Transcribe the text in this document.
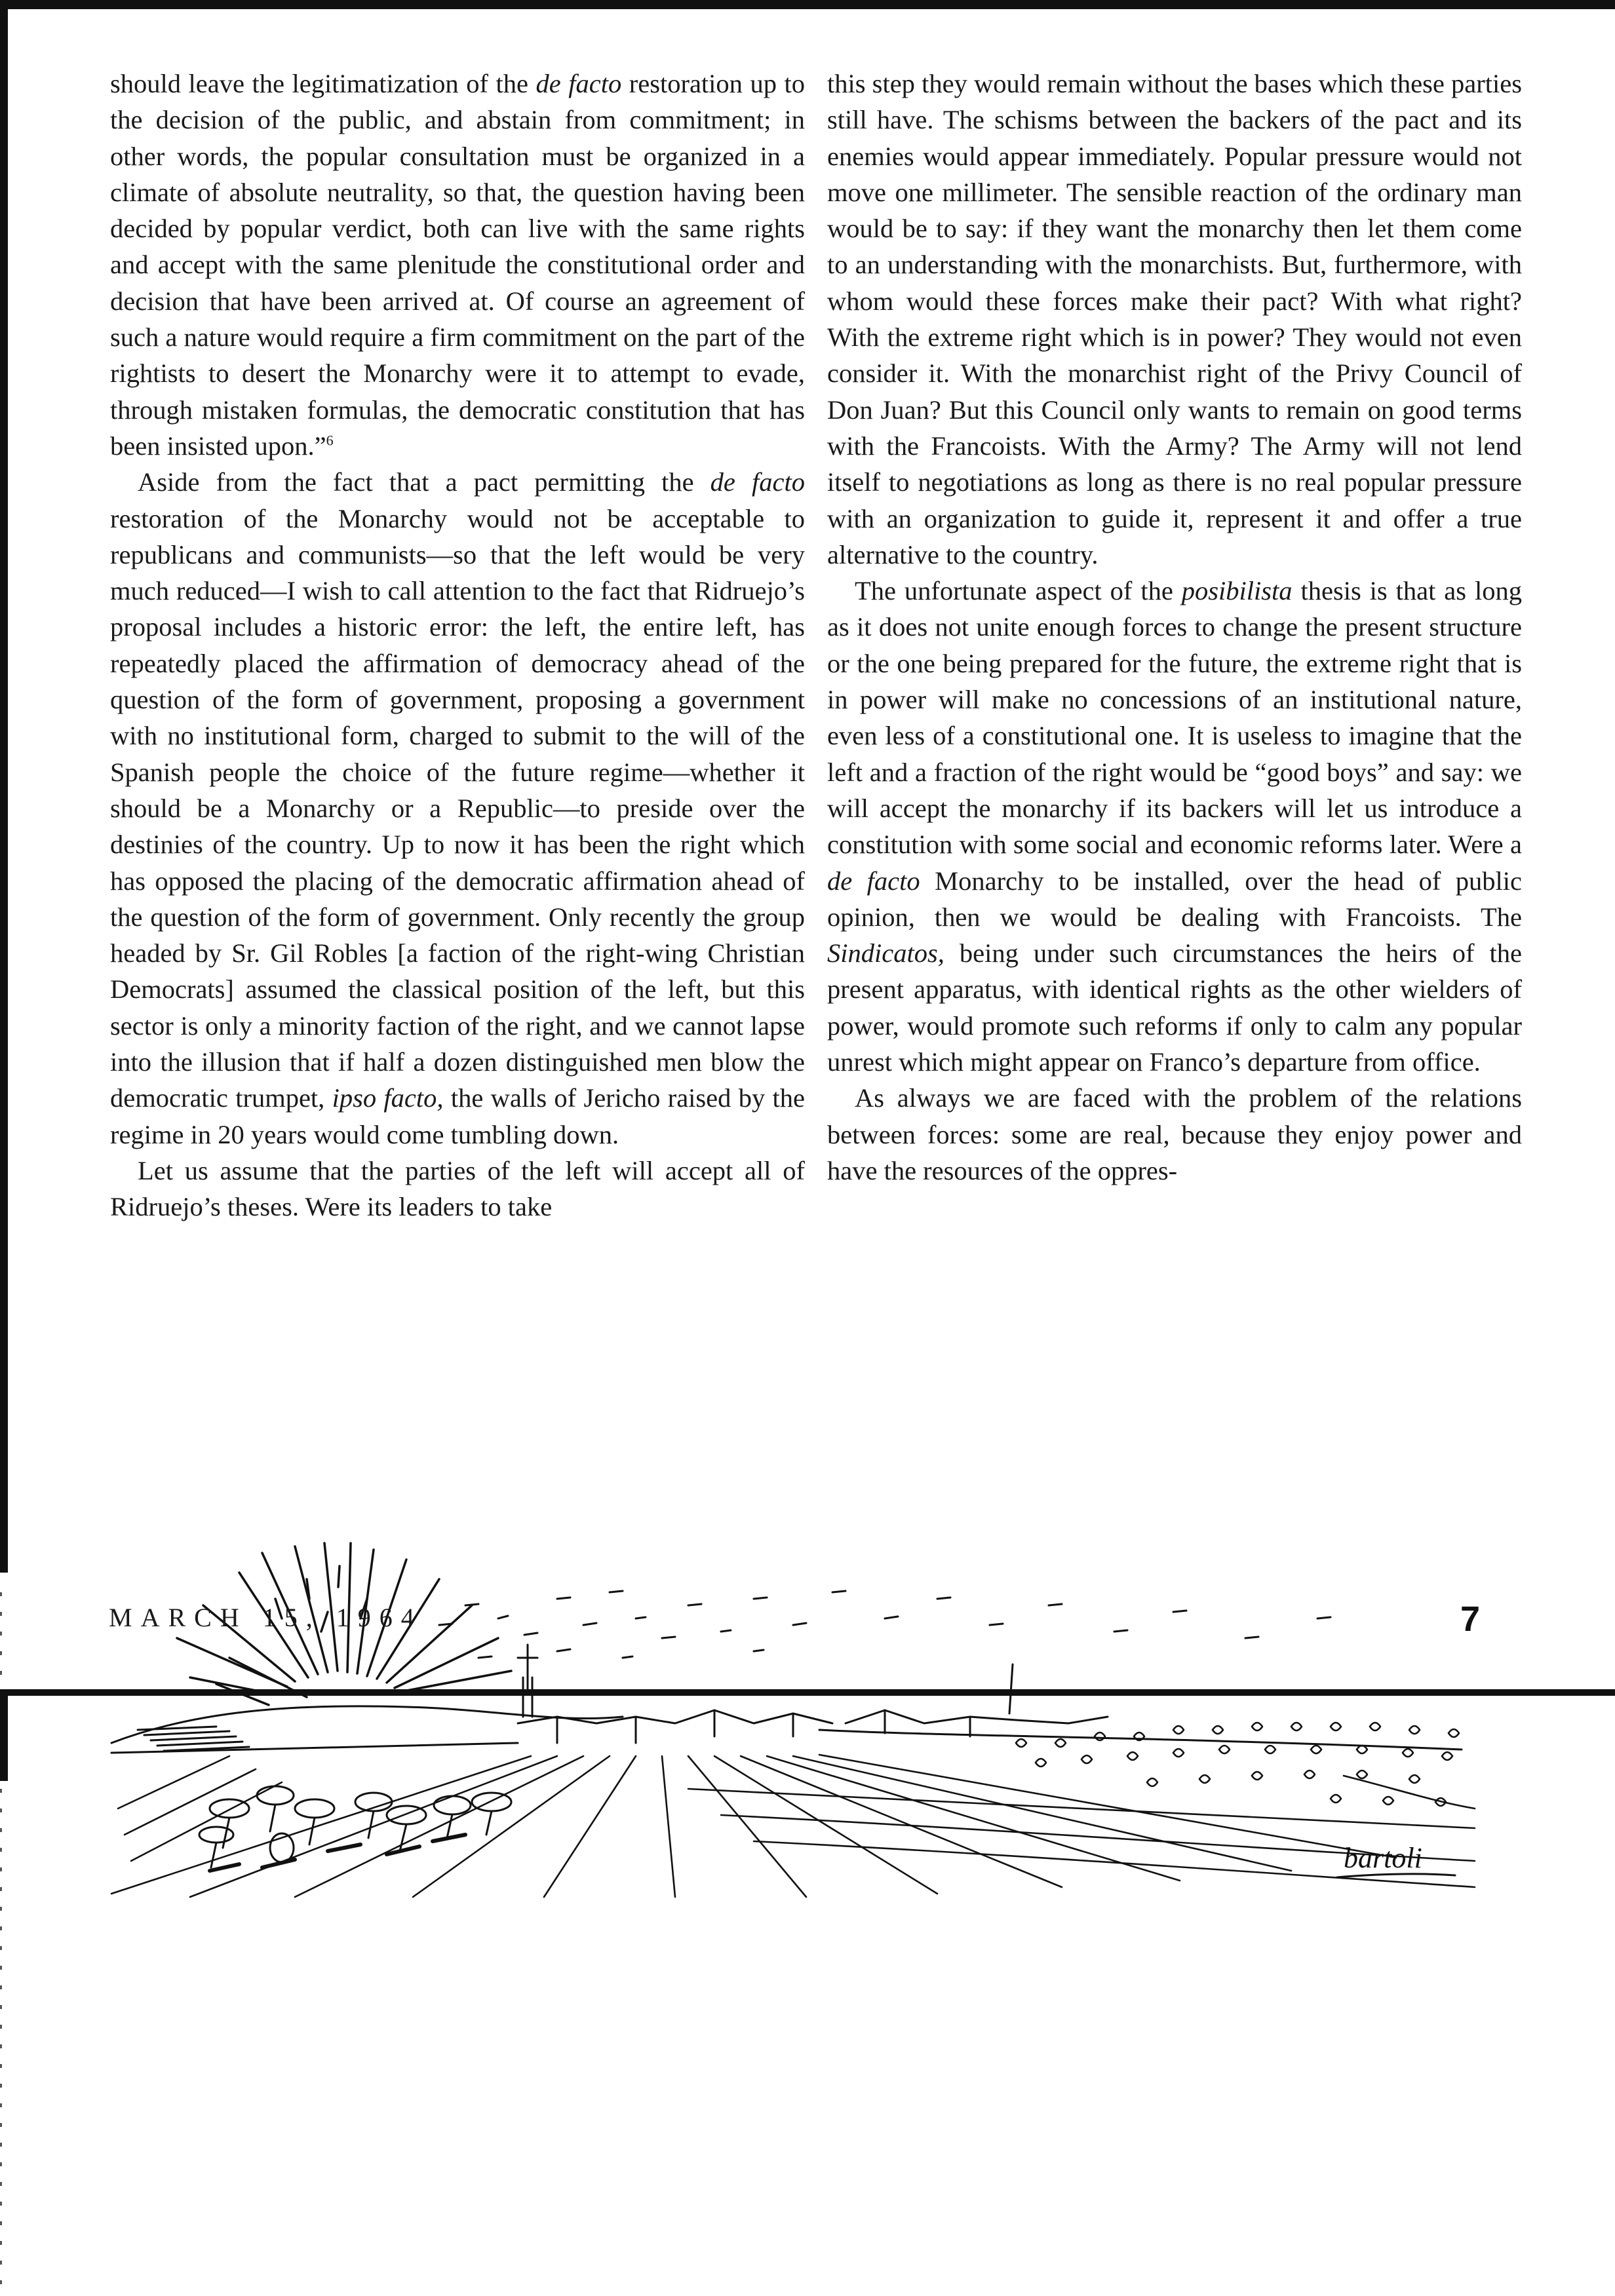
should leave the legitimatization of the de facto restoration up to the decision of the public, and abstain from commitment; in other words, the popular consultation must be organized in a climate of absolute neutrality, so that, the question having been decided by popular verdict, both can live with the same rights and accept with the same plenitude the constitutional order and decision that have been arrived at. Of course an agreement of such a nature would require a firm commitment on the part of the rightists to desert the Monarchy were it to attempt to evade, through mistaken formulas, the democratic constitution that has been insisted upon.”$^6$

Aside from the fact that a pact permitting the de facto restoration of the Monarchy would not be acceptable to republicans and communists—so that the left would be very much reduced—I wish to call attention to the fact that Ridruejo’s proposal includes a historic error: the left, the entire left, has repeatedly placed the affirmation of democracy ahead of the question of the form of government, proposing a government with no institutional form, charged to submit to the will of the Spanish people the choice of the future regime—whether it should be a Monarchy or a Republic—to preside over the destinies of the country. Up to now it has been the right which has opposed the placing of the democratic affirmation ahead of the question of the form of government. Only recently the group headed by Sr. Gil Robles [a faction of the right-wing Christian Democrats] assumed the classical position of the left, but this sector is only a minority faction of the right, and we cannot lapse into the illusion that if half a dozen distinguished men blow the democratic trumpet, ipso facto, the walls of Jericho raised by the regime in 20 years would come tumbling down.

Let us assume that the parties of the left will accept all of Ridruejo’s theses. Were its leaders to take

this step they would remain without the bases which these parties still have. The schisms between the backers of the pact and its enemies would appear immediately. Popular pressure would not move one millimeter. The sensible reaction of the ordinary man would be to say: if they want the monarchy then let them come to an understanding with the monarchists. But, furthermore, with whom would these forces make their pact? With what right? With the extreme right which is in power? They would not even consider it. With the monarchist right of the Privy Council of Don Juan? But this Council only wants to remain on good terms with the Francoists. With the Army? The Army will not lend itself to negotiations as long as there is no real popular pressure with an organization to guide it, represent it and offer a true alternative to the country.

The unfortunate aspect of the posibilista thesis is that as long as it does not unite enough forces to change the present structure or the one being prepared for the future, the extreme right that is in power will make no concessions of an institutional nature, even less of a constitutional one. It is useless to imagine that the left and a fraction of the right would be “good boys” and say: we will accept the monarchy if its backers will let us introduce a constitution with some social and economic reforms later. Were a de facto Monarchy to be installed, over the head of public opinion, then we would be dealing with Francoists. The Sindicatos, being under such circumstances the heirs of the present apparatus, with identical rights as the other wielders of power, would promote such reforms if only to calm any popular unrest which might appear on Franco’s departure from office.

As always we are faced with the problem of the relations between forces: some are real, because they enjoy power and have the resources of the oppres-

bartoli
MARCH 15, 1964	7
